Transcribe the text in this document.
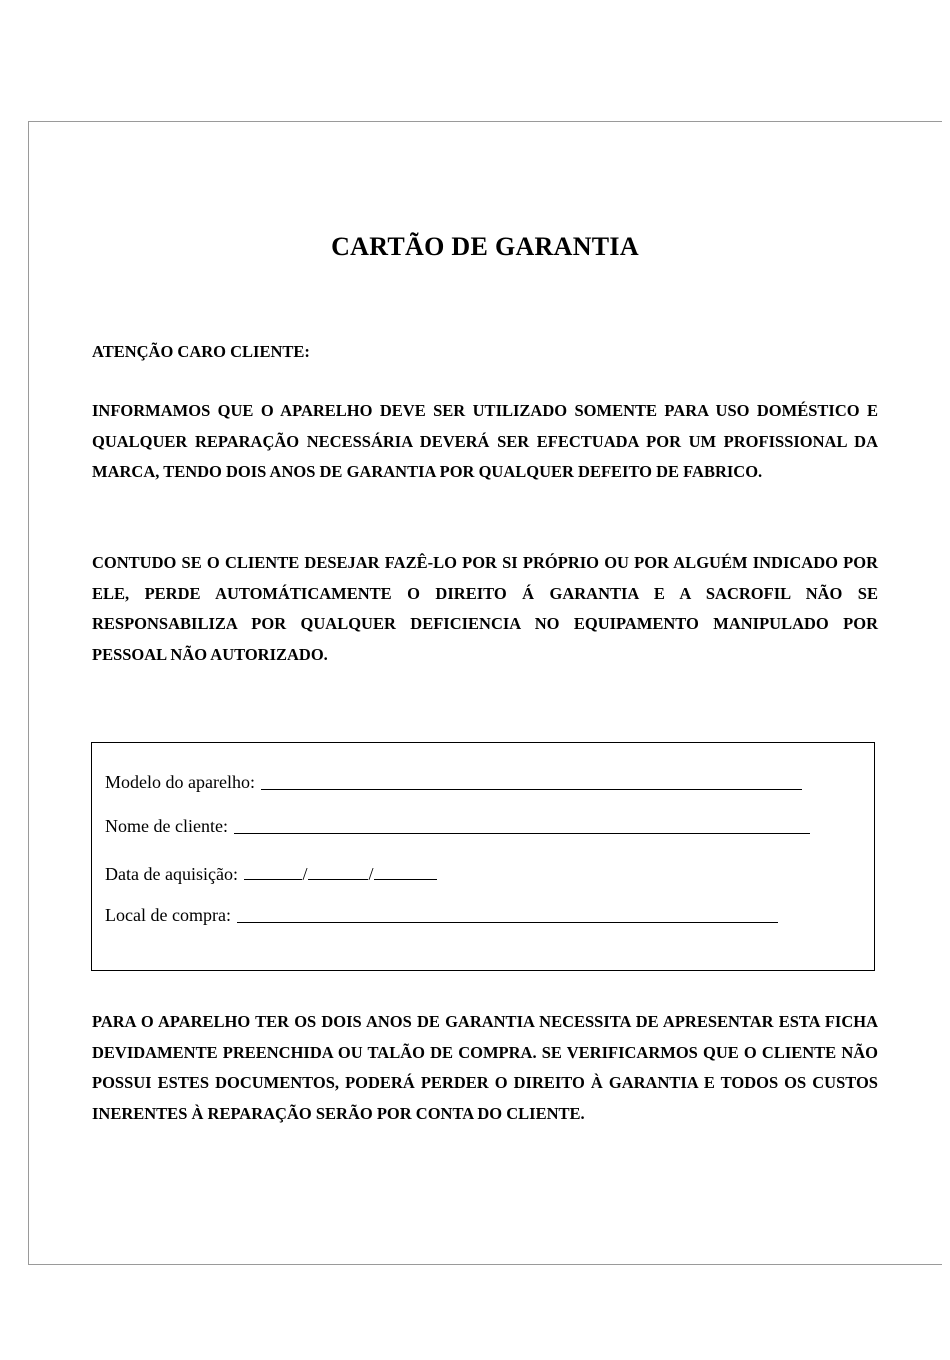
CARTÃO DE GARANTIA
ATENÇÃO CARO CLIENTE:

INFORMAMOS QUE O APARELHO DEVE SER UTILIZADO SOMENTE PARA USO DOMÉSTICO E QUALQUER REPARAÇÃO NECESSÁRIA DEVERÁ SER EFECTUADA POR UM PROFISSIONAL DA MARCA, TENDO DOIS ANOS DE GARANTIA POR QUALQUER DEFEITO DE FABRICO.

CONTUDO SE O CLIENTE DESEJAR FAZÊ-LO POR SI PRÓPRIO OU POR ALGUÉM INDICADO POR ELE, PERDE AUTOMÁTICAMENTE O DIREITO Á GARANTIA E A SACROFIL NÃO SE RESPONSABILIZA POR QUALQUER DEFICIENCIA NO EQUIPAMENTO MANIPULADO POR PESSOAL NÃO AUTORIZADO.

Modelo do aparelho:
Nome de cliente:
Data de aquisição:	/	/
Local de compra:

PARA O APARELHO TER OS DOIS ANOS DE GARANTIA NECESSITA DE APRESENTAR ESTA FICHA DEVIDAMENTE PREENCHIDA OU TALÃO DE COMPRA. SE VERIFICARMOS QUE O CLIENTE NÃO POSSUI ESTES DOCUMENTOS, PODERÁ PERDER O DIREITO À GARANTIA E TODOS OS CUSTOS INERENTES À REPARAÇÃO SERÃO POR CONTA DO CLIENTE.
